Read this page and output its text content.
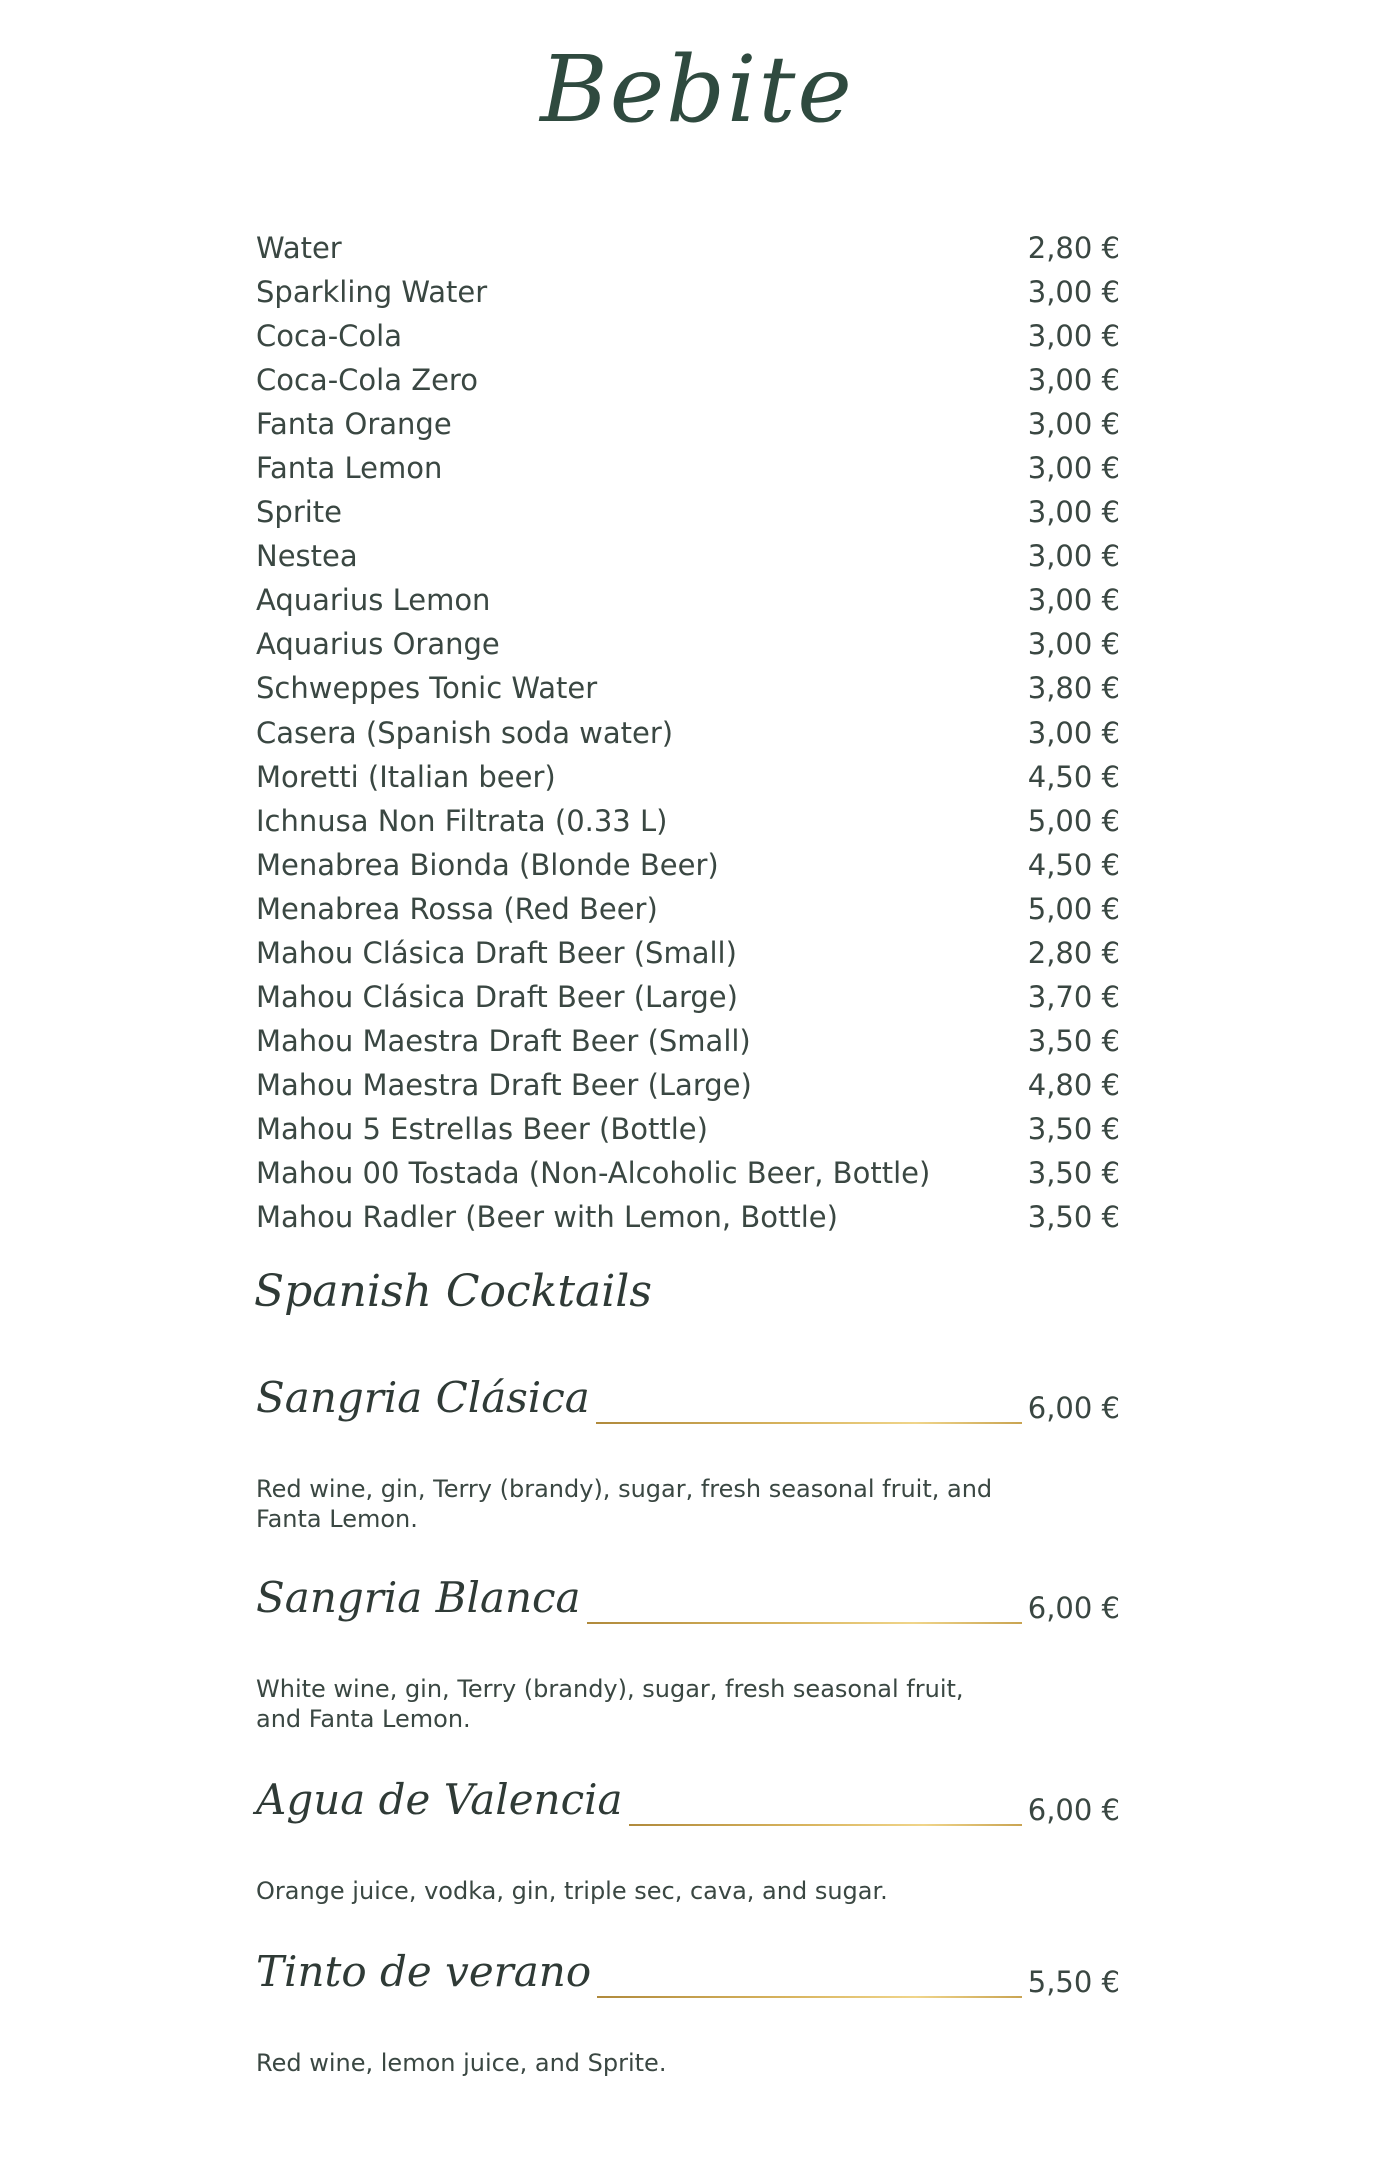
Bebite
Water	2,80 €
Sparkling Water	3,00 €
Coca-Cola	3,00 €
Coca-Cola Zero	3,00 €
Fanta Orange	3,00 €
Fanta Lemon	3,00 €
Sprite	3,00 €
Nestea	3,00 €
Aquarius Lemon	3,00 €
Aquarius Orange	3,00 €
Schweppes Tonic Water	3,80 €
Casera (Spanish soda water)	3,00 €
Moretti (Italian beer)	4,50 €
Ichnusa Non Filtrata (0.33 L)	5,00 €
Menabrea Bionda (Blonde Beer)	4,50 €
Menabrea Rossa (Red Beer)	5,00 €
Mahou Clásica Draft Beer (Small)	2,80 €
Mahou Clásica Draft Beer (Large)	3,70 €
Mahou Maestra Draft Beer (Small)	3,50 €
Mahou Maestra Draft Beer (Large)	4,80 €
Mahou 5 Estrellas Beer (Bottle)	3,50 €
Mahou 00 Tostada (Non-Alcoholic Beer, Bottle)	3,50 €
Mahou Radler (Beer with Lemon, Bottle)	3,50 €
Spanish Cocktails
Sangria Clásica	6,00 €
Red wine, gin, Terry (brandy), sugar, fresh seasonal fruit, and Fanta Lemon.
Sangria Blanca	6,00 €
White wine, gin, Terry (brandy), sugar, fresh seasonal fruit, and Fanta Lemon.
Agua de Valencia	6,00 €
Orange juice, vodka, gin, triple sec, cava, and sugar.
Tinto de verano	5,50 €
Red wine, lemon juice, and Sprite.
